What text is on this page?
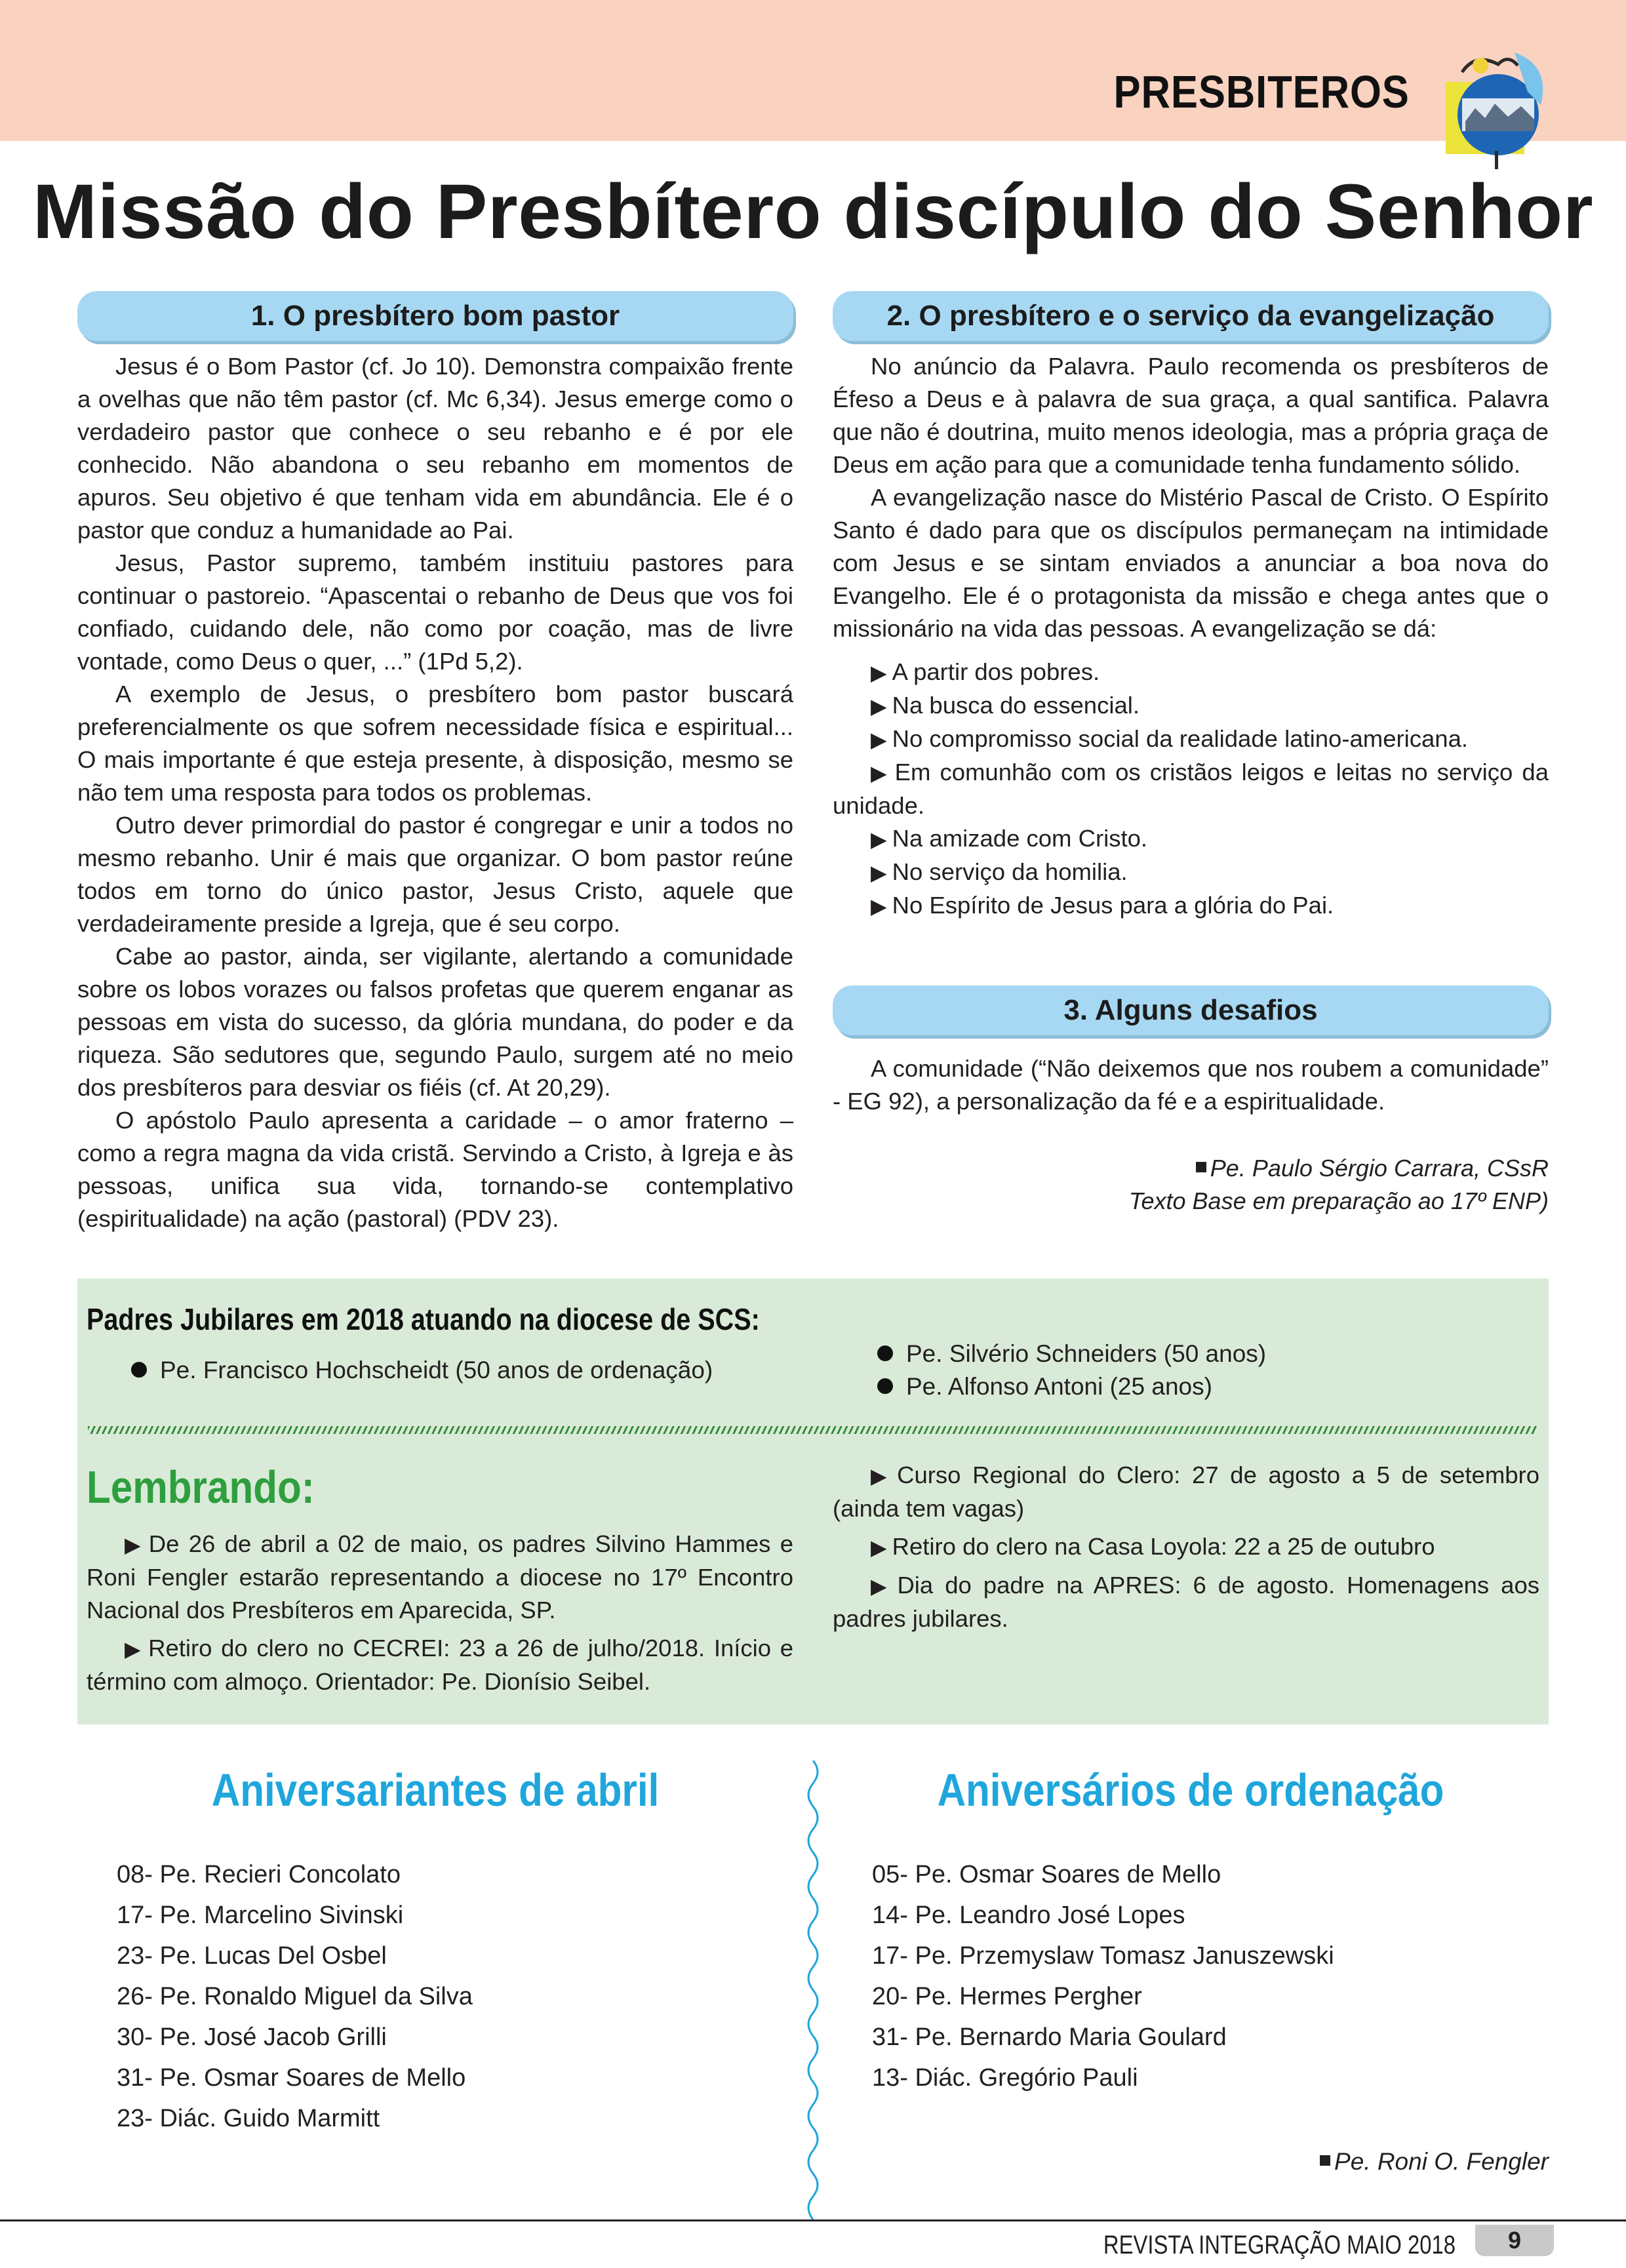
PRESBITEROS
Missão do Presbítero discípulo do Senhor
1. O presbítero bom pastor	2. O presbítero e o serviço da evangelização
3. Alguns desafios

Jesus é o Bom Pastor (cf. Jo 10). Demonstra compaixão frente a ovelhas que não têm pastor (cf. Mc 6,34). Jesus emerge como o verdadeiro pastor que conhece o seu rebanho e é por ele conhecido. Não abandona o seu rebanho em momentos de apuros. Seu objetivo é que tenham vida em abundância. Ele é o pastor que conduz a humanidade ao Pai.

Jesus, Pastor supremo, também instituiu pastores para continuar o pastoreio. “Apascentai o rebanho de Deus que vos foi confiado, cuidando dele, não como por coação, mas de livre vontade, como Deus o quer, ...” (1Pd 5,2).

A exemplo de Jesus, o presbítero bom pastor buscará preferencialmente os que sofrem necessidade física e espiritual... O mais importante é que esteja presente, à disposição, mesmo se não tem uma resposta para todos os problemas.

Outro dever primordial do pastor é congregar e unir a todos no mesmo rebanho. Unir é mais que organizar. O bom pastor reúne todos em torno do único pastor, Jesus Cristo, aquele que verdadeiramente preside a Igreja, que é seu corpo.

Cabe ao pastor, ainda, ser vigilante, alertando a comunidade sobre os lobos vorazes ou falsos profetas que querem enganar as pessoas em vista do sucesso, da glória mundana, do poder e da riqueza. São sedutores que, segundo Paulo, surgem até no meio dos presbíteros para desviar os fiéis (cf. At 20,29).

O apóstolo Paulo apresenta a caridade – o amor fraterno – como a regra magna da vida cristã. Servindo a Cristo, à Igreja e às pessoas, unifica sua vida, tornando-se contemplativo (espiritualidade) na ação (pastoral) (PDV 23).

No anúncio da Palavra. Paulo recomenda os presbíteros de Éfeso a Deus e à palavra de sua graça, a qual santifica. Palavra que não é doutrina, muito menos ideologia, mas a própria graça de Deus em ação para que a comunidade tenha fundamento sólido.

A evangelização nasce do Mistério Pascal de Cristo. O Espírito Santo é dado para que os discípulos permaneçam na intimidade com Jesus e se sintam enviados a anunciar a boa nova do Evangelho. Ele é o protagonista da missão e chega antes que o missionário na vida das pessoas. A evangelização se dá:

▶ A partir dos pobres.

▶ Na busca do essencial.

▶ No compromisso social da realidade latino-americana.

▶ Em comunhão com os cristãos leigos e leitas no serviço da unidade.

▶ Na amizade com Cristo.

▶ No serviço da homilia.

▶ No Espírito de Jesus para a glória do Pai.

A comunidade (“Não deixemos que nos roubem a comunidade” - EG 92), a personalização da fé e a espiritualidade.

Pe. Paulo Sérgio Carrara, CSsR
Texto Base em preparação ao 17º ENP)
Padres Jubilares em 2018 atuando na diocese de SCS:
Pe. Francisco Hochscheidt (50 anos de ordenação)
Pe. Silvério Schneiders (50 anos)
Pe. Alfonso Antoni (25 anos)
Lembrando:

▶ De 26 de abril a 02 de maio, os padres Silvino Hammes e Roni Fengler estarão representando a diocese no 17º Encontro Nacional dos Presbíteros em Aparecida, SP.

▶ Retiro do clero no CECREI: 23 a 26 de julho/2018. Início e término com almoço. Orientador: Pe. Dionísio Seibel.

▶ Curso Regional do Clero: 27 de agosto a 5 de setembro (ainda tem vagas)

▶ Retiro do clero na Casa Loyola: 22 a 25 de outubro

▶ Dia do padre na APRES: 6 de agosto. Homenagens aos padres jubilares.

Aniversariantes de abril	Aniversários de ordenação
08- Pe. Recieri Concolato
17- Pe. Marcelino Sivinski
23- Pe. Lucas Del Osbel
26- Pe. Ronaldo Miguel da Silva
30- Pe. José Jacob Grilli
31- Pe. Osmar Soares de Mello
23- Diác. Guido Marmitt
05- Pe. Osmar Soares de Mello
14- Pe. Leandro José Lopes
17- Pe. Przemyslaw Tomasz Januszewski
20- Pe. Hermes Pergher
31- Pe. Bernardo Maria Goulard
13- Diác. Gregório Pauli
Pe. Roni O. Fengler
REVISTA INTEGRAÇÃO MAIO 2018	9
